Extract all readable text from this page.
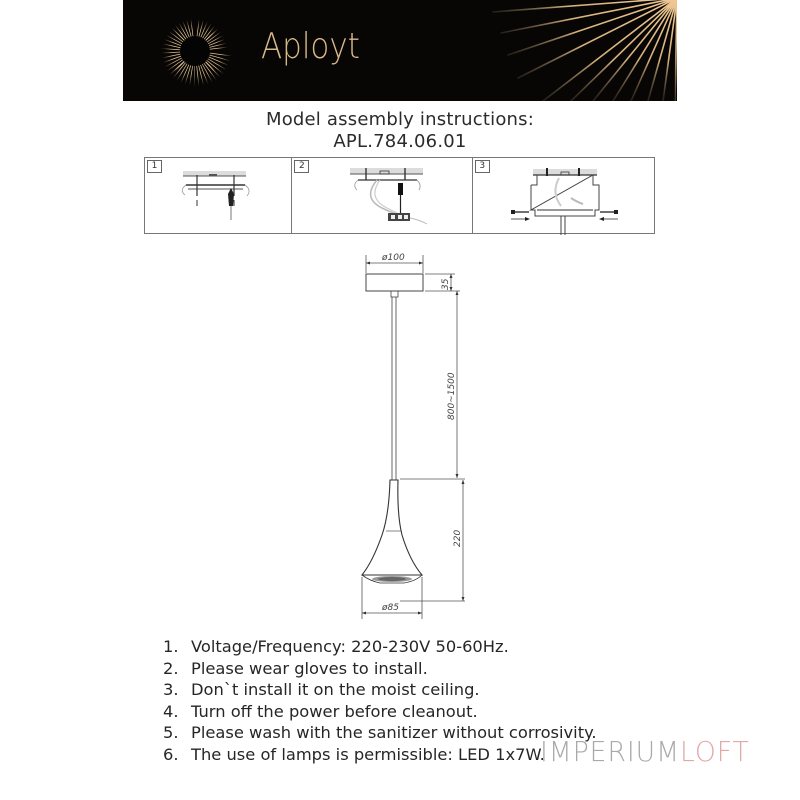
Aployt
Model assembly instructions:
APL.784.06.01
1	2	3
ø100
35
800~1500
220
ø85
1. Voltage/Frequency: 220-230V 50-60Hz.
2. Please wear gloves to install.
3. Don`t install it on the moist ceiling.
4. Turn off the power before cleanout.
5. Please wash with the sanitizer without corrosivity.
6. The use of lamps is permissible: LED 1x7W.
IMPERIUMLOFT
